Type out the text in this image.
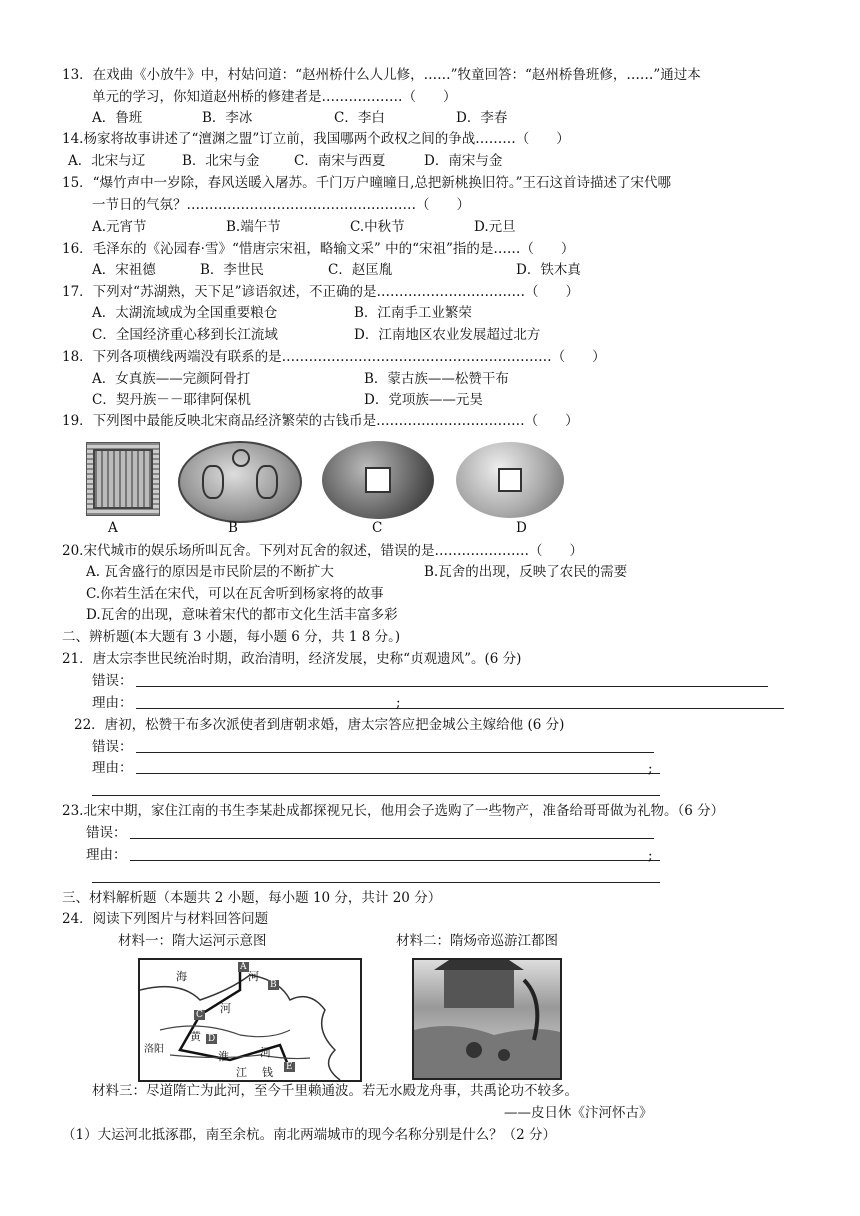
13．在戏曲《小放牛》中，村姑问道：“赵州桥什么人儿修，……”牧童回答：“赵州桥鲁班修，……”通过本
单元的学习，你知道赵州桥的修建者是………………（　　）
A．鲁班	B．李冰	C．李白	D．李春
14.杨家将故事讲述了“澶渊之盟”订立前，我国哪两个政权之间的争战………（　　）
A．北宋与辽	B．北宋与金	C．南宋与西夏	D．南宋与金
15．“爆竹声中一岁除，春风送暖入屠苏。千门万户曈曈日,总把新桃换旧符。”王石这首诗描述了宋代哪
一节日的气氛？……………………………………………（　　）
A.元宵节	B.端午节	C.中秋节	D.元旦
16．毛泽东的《沁园春·雪》“惜唐宗宋祖，略输文采” 中的“宋祖”指的是……（　　）
A．宋祖德	B．李世民	C．赵匡胤	D．铁木真
17．下列对“苏湖熟，天下足”谚语叙述，不正确的是……………………………（　　）
A．太湖流域成为全国重要粮仓	B．江南手工业繁荣
C．全国经济重心移到长江流域	D．江南地区农业发展超过北方
18．下列各项横线两端没有联系的是……………………………………………………（　　）
A．女真族——完颜阿骨打	B．蒙古族——松赞干布
C．契丹族－－耶律阿保机	D．党项族——元昊
19．下列图中最能反映北宋商品经济繁荣的古钱币是……………………………（　　）
A	B	C	D
20.宋代城市的娱乐场所叫瓦舍。下列对瓦舍的叙述，错误的是…………………（　　）
A. 瓦舍盛行的原因是市民阶层的不断扩大	B.瓦舍的出现，反映了农民的需要
C.你若生活在宋代，可以在瓦舍听到杨家将的故事
D.瓦舍的出现，意味着宋代的都市文化生活丰富多彩
二、辨析题(本大题有 3 小题，每小题 6 分，共 1 8 分。)
21．唐太宗李世民统治时期，政治清明，经济发展，史称“贞观遗风”。(6 分)
错误：
理由：	;
22．唐初，松赞干布多次派使者到唐朝求婚，唐太宗答应把金城公主嫁给他 (6 分)
错误：
理由：	;
23.北宋中期，家住江南的书生李某赴成都探视兄长，他用会子选购了一些物产，准备给哥哥做为礼物。（6 分）
错误：
理由：	;
三、材料解析题（本题共 2 小题，每小题 10 分，共计 20 分）
24．阅读下列图片与材料回答问题
材料一：隋大运河示意图	材料二：隋炀帝巡游江都图
A
C
D
B
E
海	河
河
黄
洛阳
淮	河
江 钱
材料三：尽道隋亡为此河，至今千里赖通波。若无水殿龙舟事，共禹论功不较多。
——皮日休《汴河怀古》
（1）大运河北抵涿郡，南至余杭。南北两端城市的现今名称分别是什么？（2 分）
